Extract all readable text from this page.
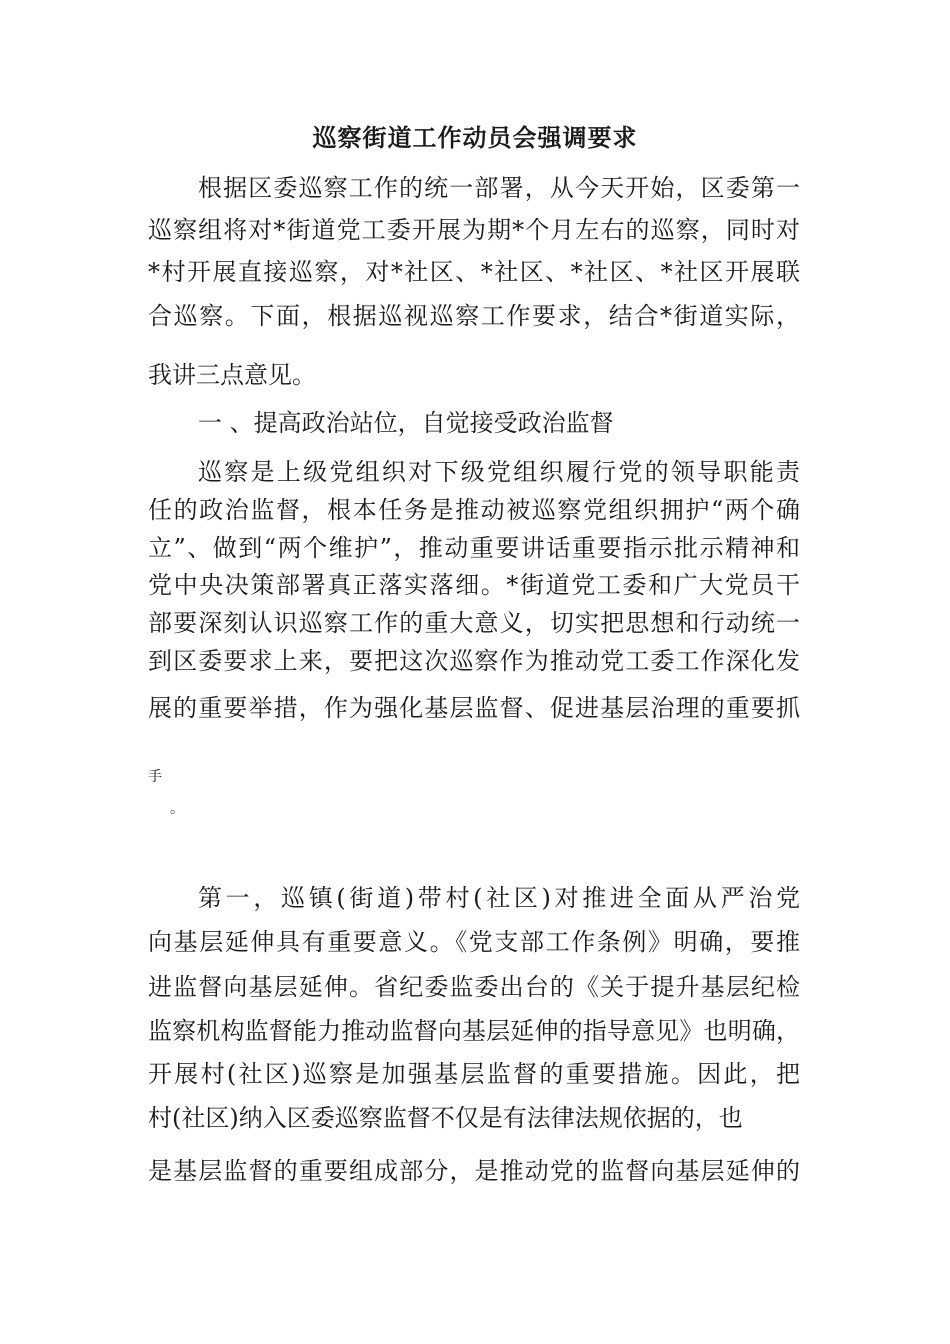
巡察街道工作动员会强调要求
根据区委巡察工作的统一部署，从今天开始，区委第一
巡察组将对*街道党工委开展为期*个月左右的巡察，同时对
*村开展直接巡察，对*社区、*社区、*社区、*社区开展联
合巡察。下面，根据巡视巡察工作要求，结合*街道实际，
我讲三点意见。
一 、提高政治站位，自觉接受政治监督
巡察是上级党组织对下级党组织履行党的领导职能责
任的政治监督，根本任务是推动被巡察党组织拥护“两个确
立”、做到“两个维护”，推动重要讲话重要指示批示精神和
党中央决策部署真正落实落细。*街道党工委和广大党员干
部要深刻认识巡察工作的重大意义，切实把思想和行动统一
到区委要求上来，要把这次巡察作为推动党工委工作深化发
展的重要举措，作为强化基层监督、促进基层治理的重要抓
手
。
第一，巡镇(街道)带村(社区)对推进全面从严治党
向基层延伸具有重要意义。《党支部工作条例》明确，要推
进监督向基层延伸。省纪委监委出台的《关于提升基层纪检
监察机构监督能力推动监督向基层延伸的指导意见》也明确，
开展村(社区)巡察是加强基层监督的重要措施。因此，把
村(社区)纳入区委巡察监督不仅是有法律法规依据的，也
是基层监督的重要组成部分，是推动党的监督向基层延伸的
